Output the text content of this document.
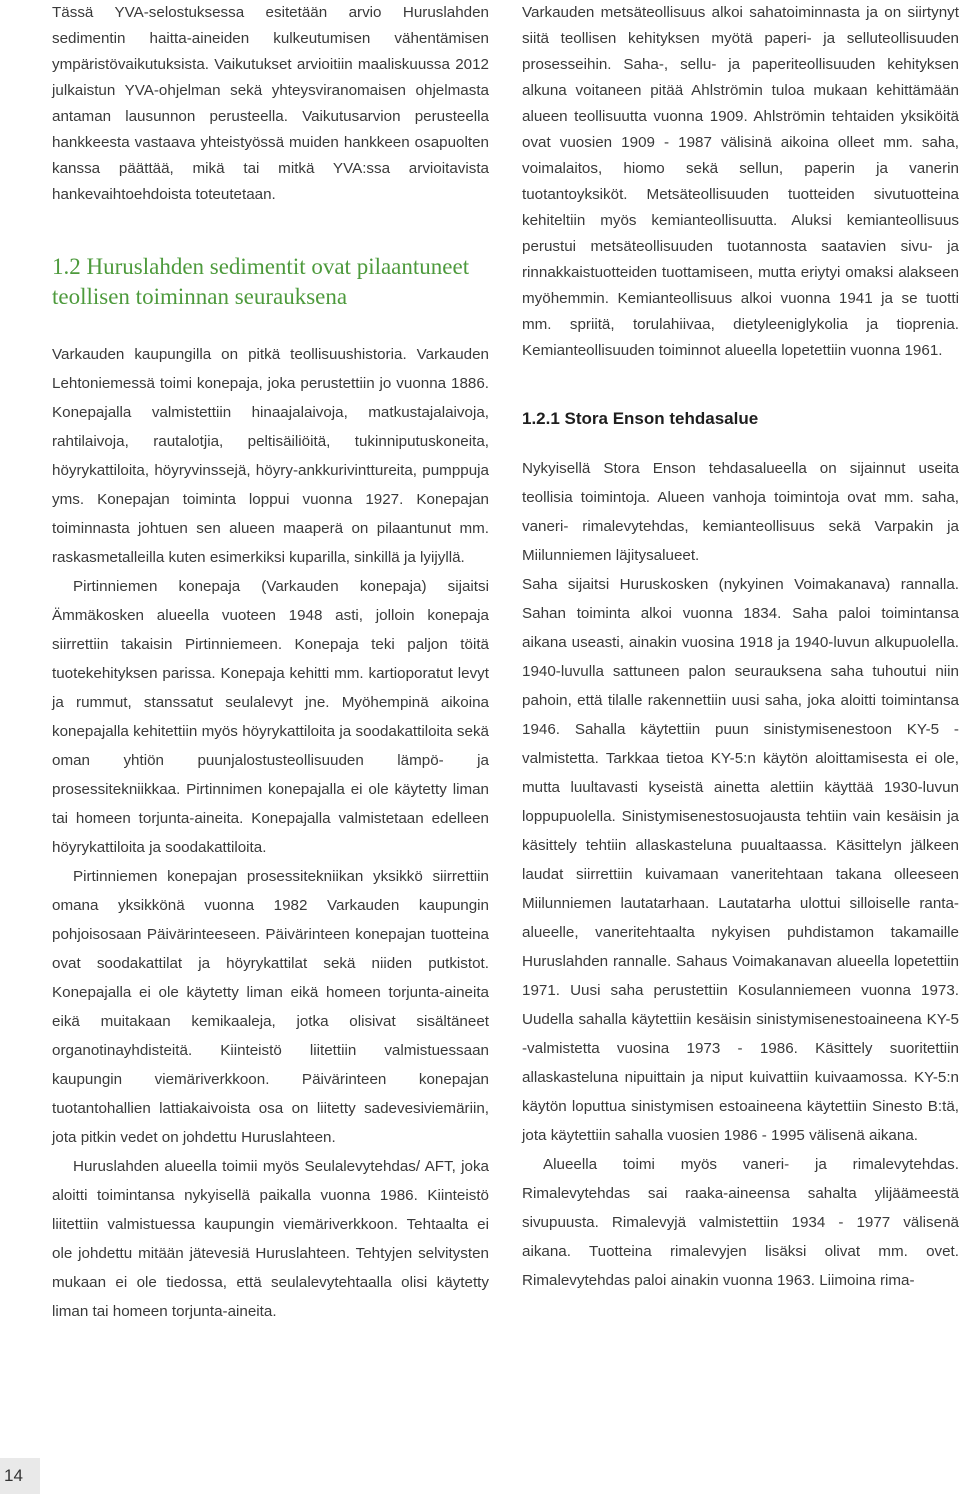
Tässä YVA-selostuksessa esitetään arvio Huruslahden sedimentin haitta-aineiden kulkeutumisen vähentämisen ympäristövaikutuksista. Vaikutukset arvioitiin maaliskuussa 2012 julkaistun YVA-ohjelman sekä yhteysviranomaisen ohjelmasta antaman lausunnon perusteella. Vaikutusarvion perusteella hankkeesta vastaava yhteistyössä muiden hankkeen osapuolten kanssa päättää, mikä tai mitkä YVA:ssa arvioitavista hankevaihtoehdoista toteutetaan.

1.2 Huruslahden sedimentit ovat pilaantuneet teollisen toiminnan seurauksena

Varkauden kaupungilla on pitkä teollisuushistoria. Varkauden Lehtoniemessä toimi konepaja, joka perustettiin jo vuonna 1886. Konepajalla valmistettiin hinaajalaivoja, matkustajalaivoja, rahtilaivoja, rautalotjia, peltisäiliöitä, tukinniputuskoneita, höyrykattiloita, höyryvinssejä, höyry-ankkurivinttureita, pumppuja yms. Konepajan toiminta loppui vuonna 1927. Konepajan toiminnasta johtuen sen alueen maaperä on pilaantunut mm. raskasmetalleilla kuten esimerkiksi kuparilla, sinkillä ja lyijyllä.

Pirtinniemen konepaja (Varkauden konepaja) sijaitsi Ämmäkosken alueella vuoteen 1948 asti, jolloin konepaja siirrettiin takaisin Pirtinniemeen. Konepaja teki paljon töitä tuotekehityksen parissa. Konepaja kehitti mm. kartioporatut levyt ja rummut, stanssatut seulalevyt jne. Myöhempinä aikoina konepajalla kehitettiin myös höyrykattiloita ja soodakattiloita sekä oman yhtiön puunjalostusteollisuuden lämpö- ja prosessitekniikkaa. Pirtinnimen konepajalla ei ole käytetty liman tai homeen torjunta-aineita. Konepajalla valmistetaan edelleen höyrykattiloita ja soodakattiloita.

Pirtinniemen konepajan prosessitekniikan yksikkö siirrettiin omana yksikkönä vuonna 1982 Varkauden kaupungin pohjoisosaan Päivärinteeseen. Päivärinteen konepajan tuotteina ovat soodakattilat ja höyrykattilat sekä niiden putkistot. Konepajalla ei ole käytetty liman eikä homeen torjunta-aineita eikä muitakaan kemikaaleja, jotka olisivat sisältäneet organotinayhdisteitä. Kiinteistö liitettiin valmistuessaan kaupungin viemäriverkkoon. Päivärinteen konepajan tuotantohallien lattiakaivoista osa on liitetty sadevesiviemäriin, jota pitkin vedet on johdettu Huruslahteen.

Huruslahden alueella toimii myös Seulalevytehdas/ AFT, joka aloitti toimintansa nykyisellä paikalla vuonna 1986. Kiinteistö liitettiin valmistuessa kaupungin viemäriverkkoon. Tehtaalta ei ole johdettu mitään jätevesiä Huruslahteen. Tehtyjen selvitysten mukaan ei ole tiedossa, että seulalevytehtaalla olisi käytetty liman tai homeen torjunta-aineita.

Varkauden metsäteollisuus alkoi sahatoiminnasta ja on siirtynyt siitä teollisen kehityksen myötä paperi- ja selluteollisuuden prosesseihin. Saha-, sellu- ja paperiteollisuuden kehityksen alkuna voitaneen pitää Ahlströmin tuloa mukaan kehittämään alueen teollisuutta vuonna 1909. Ahlströmin tehtaiden yksiköitä ovat vuosien 1909 - 1987 välisinä aikoina olleet mm. saha, voimalaitos, hiomo sekä sellun, paperin ja vanerin tuotantoyksiköt. Metsäteollisuuden tuotteiden sivutuotteina kehiteltiin myös kemianteollisuutta. Aluksi kemianteollisuus perustui metsäteollisuuden tuotannosta saatavien sivu- ja rinnakkaistuotteiden tuottamiseen, mutta eriytyi omaksi alakseen myöhemmin. Kemianteollisuus alkoi vuonna 1941 ja se tuotti mm. spriitä, torulahiivaa, dietyleeniglykolia ja tioprenia. Kemianteollisuuden toiminnot alueella lopetettiin vuonna 1961.

1.2.1 Stora Enson tehdasalue

Nykyisellä Stora Enson tehdasalueella on sijainnut useita teollisia toimintoja. Alueen vanhoja toimintoja ovat mm. saha, vaneri- rimalevytehdas, kemianteollisuus sekä Varpakin ja Miilunniemen läjitysalueet.

Saha sijaitsi Huruskosken (nykyinen Voimakanava) rannalla. Sahan toiminta alkoi vuonna 1834. Saha paloi toimintansa aikana useasti, ainakin vuosina 1918 ja 1940-luvun alkupuolella. 1940-luvulla sattuneen palon seurauksena saha tuhoutui niin pahoin, että tilalle rakennettiin uusi saha, joka aloitti toimintansa 1946. Sahalla käytettiin puun sinistymisenestoon KY-5 -valmistetta. Tarkkaa tietoa KY-5:n käytön aloittamisesta ei ole, mutta luultavasti kyseistä ainetta alettiin käyttää 1930-luvun loppupuolella. Sinistymisenestosuojausta tehtiin vain kesäisin ja käsittely tehtiin allaskasteluna puualtaassa. Käsittelyn jälkeen laudat siirrettiin kuivamaan vaneritehtaan takana olleeseen Miilunniemen lautatarhaan. Lautatarha ulottui silloiselle ranta-alueelle, vaneritehtaalta nykyisen puhdistamon takamaille Huruslahden rannalle. Sahaus Voimakanavan alueella lopetettiin 1971. Uusi saha perustettiin Kosulanniemeen vuonna 1973. Uudella sahalla käytettiin kesäisin sinistymisenestoaineena KY-5 -valmistetta vuosina 1973 - 1986. Käsittely suoritettiin allaskasteluna nipuittain ja niput kuivattiin kuivaamossa. KY-5:n käytön loputtua sinistymisen estoaineena käytettiin Sinesto B:tä, jota käytettiin sahalla vuosien 1986 - 1995 välisenä aikana.

Alueella toimi myös vaneri- ja rimalevytehdas. Rimalevytehdas sai raaka-aineensa sahalta ylijäämeestä sivupuusta. Rimalevyjä valmistettiin 1934 - 1977 välisenä aikana. Tuotteina rimalevyjen lisäksi olivat mm. ovet. Rimalevytehdas paloi ainakin vuonna 1963. Liimoina rima-

14
